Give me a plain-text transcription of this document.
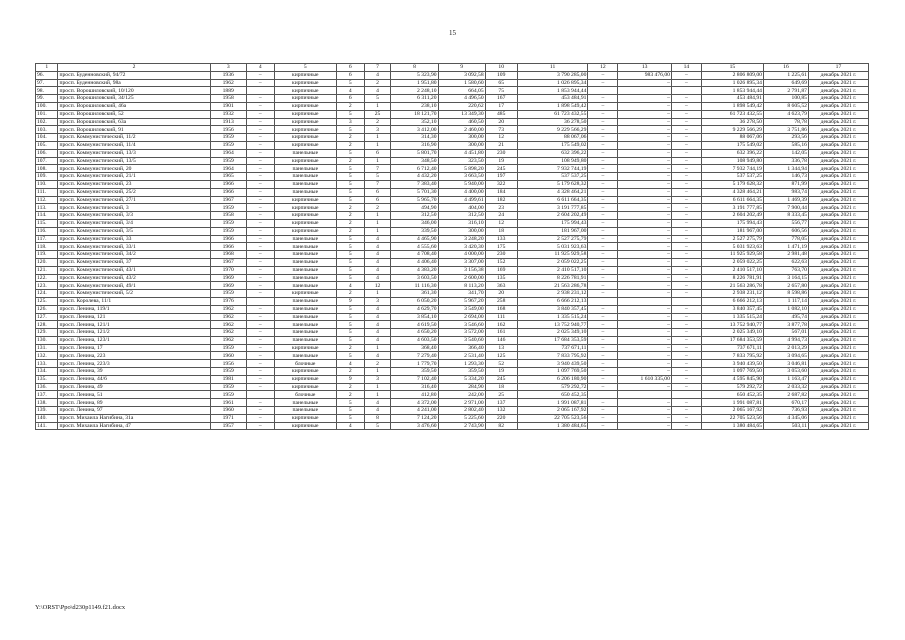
15
1	2	3	4	5	6	7	8	9	10	11	12	13	14	15	16	17
96.	просп. Буденновский, 94/72	1936	–	кирпичные	6	4	5 323,90	3 092,58	109	3 790 285,00	–	983 476,00	–	2 806 809,00	1 225,61	декабрь 2021 г.
97.	просп. Буденновский, 98а	1962	–	кирпичные	5	2	1 951,80	1 580,60	65	1 026 895,34	–	–	–	1 026 895,34	649,69	декабрь 2021 г.
98.	просп. Ворошиловский, 10/120	1889		кирпичные	4	4	2 248,10	664,05	75	1 853 944,44				1 853 944,44	2 791,87	декабрь 2021 г.
99.	просп. Ворошиловский, 34/125	1958	–	кирпичные	6	5	6 311,20	4 496,50	167	453 484,91	–	–	–	453 484,91	100,85	декабрь 2021 г.
100.	просп. Ворошиловский, 46а	1901	–	кирпичные	2	1	238,10	220,62	17	1 898 549,42	–	–	–	1 898 549,42	8 605,52	декабрь 2021 г.
101.	просп. Ворошиловский, 52	1932	–	кирпичные	5	25	18 121,70	13 349,30	485	61 723 432,55	–	–	–	61 723 432,55	4 623,79	декабрь 2021 г.
102.	просп. Ворошиловский, 63а	1913	–	кирпичные	3	2	352,10	460,50	20	36 278,50	–	–	–	36 278,50	78,78	декабрь 2021 г.
103.	просп. Ворошиловский, 91	1956	–	кирпичные	5	3	3 412,00	2 460,00	73	9 229 566,29	–	–	–	9 229 566,29	3 751,86	декабрь 2021 г.
104.	просп. Коммунистический, 11/2	1959	–	кирпичные	2	1	314,30	300,00	12	88 067,06	–	–	–	88 067,06	293,56	декабрь 2021 г.
105.	просп. Коммунистический, 11/4	1959	–	кирпичные	2	1	316,90	300,00	21	175 549,02	–	–	–	175 549,02	585,16	декабрь 2021 г.
106.	просп. Коммунистический, 13/3	1964	–	панельные	5	6	5 801,70	4 451,80	230	632 396,22	–	–	–	632 396,22	142,05	декабрь 2021 г.
107.	просп. Коммунистический, 13/5	1959	–	кирпичные	2	1	348,50	323,50	19	108 949,80	–	–	–	108 949,80	336,78	декабрь 2021 г.
108.	просп. Коммунистический, 20	1964	–	панельные	5	7	6 712,40	5 898,20	245	7 932 744,19	–	–	–	7 932 744,19	1 344,94	декабрь 2021 г.
109.	просп. Коммунистический, 21/1	1965	–	панельные	5	5	4 432,20	3 663,50	197	537 537,25	–	–	–	537 537,25	146,73	декабрь 2021 г.
110.	просп. Коммунистический, 23	1966	–	панельные	5	7	7 383,40	5 940,00	322	5 179 628,32	–	–	–	5 179 628,32	871,99	декабрь 2021 г.
111.	просп. Коммунистический, 25/2	1966	–	панельные	5	6	5 701,30	4 400,00	184	4 328 464,21	–	–	–	4 328 464,21	983,74	декабрь 2021 г.
112.	просп. Коммунистический, 27/1	1967	–	кирпичные	5	6	5 965,70	4 499,61	182	6 611 664,35	–	–	–	6 611 664,35	1 469,39	декабрь 2021 г.
113.	просп. Коммунистический, 3	1959	–	кирпичные	2	2	494,90	404,00	23	3 191 777,85	–	–	–	3 191 777,85	7 900,44	декабрь 2021 г.
114.	просп. Коммунистический, 3/3	1958	–	кирпичные	2	1	312,50	312,50	24	2 604 202,49	–	–	–	2 604 202,49	8 333,45	декабрь 2021 г.
115.	просп. Коммунистический, 3/4	1959	–	кирпичные	2	1	346,00	316,10	12	175 994,43	–	–	–	175 994,43	556,77	декабрь 2021 г.
116.	просп. Коммунистический, 3/5	1959	–	кирпичные	2	1	339,50	300,00	18	181 967,00	–	–	–	181 967,00	606,56	декабрь 2021 г.
117.	просп. Коммунистический, 33	1966	–	панельные	5	4	4 465,90	3 248,20	133	2 527 275,79	–	–	–	2 527 275,79	778,05	декабрь 2021 г.
118.	просп. Коммунистический, 33/1	1966	–	панельные	5	4	4 555,60	3 420,30	175	5 031 923,63	–	–	–	5 031 923,63	1 471,19	декабрь 2021 г.
119.	просп. Коммунистический, 34/2	1968	–	панельные	5	4	4 708,40	4 000,00	230	11 925 929,58	–	–	–	11 925 929,58	2 981,48	декабрь 2021 г.
120.	просп. Коммунистический, 37	1967	–	панельные	5	4	4 406,40	3 307,00	152	2 059 022,25	–	–	–	2 059 022,25	622,63	декабрь 2021 г.
121.	просп. Коммунистический, 43/1	1970	–	панельные	5	4	4 383,20	3 156,38	169	2 410 517,10	–	–	–	2 410 517,10	763,70	декабрь 2021 г.
122.	просп. Коммунистический, 43/2	1969	–	панельные	5	4	3 603,50	2 600,00	135	8 226 781,91	–	–	–	8 226 781,91	3 164,15	декабрь 2021 г.
123.	просп. Коммунистический, 49/1	1969	–	панельные	4	12	11 116,30	8 113,20	363	21 563 286,78	–	–	–	21 563 286,78	2 657,80	декабрь 2021 г.
124.	просп. Коммунистический, 5/2	1959	–	кирпичные	2	1	361,30	341,70	20	2 938 231,12	–	–	–	2 938 231,12	8 598,86	декабрь 2021 г.
125.	просп. Королева, 11/1	1976		панельные	9	3	6 050,20	5 967,20	258	6 666 212,13				6 666 212,13	1 117,14	декабрь 2021 г.
126.	просп. Ленина, 119/1	1962	–	панельные	5	4	4 629,70	3 549,00	168	3 840 357,45	–	–	–	3 840 357,45	1 082,10	декабрь 2021 г.
127.	просп. Ленина, 121	1962	–	панельные	5	4	3 854,10	2 694,00	111	1 335 515,24	–	–	–	1 335 515,24	495,74	декабрь 2021 г.
128.	просп. Ленина, 121/1	1962	–	панельные	5	4	4 619,50	3 546,60	162	13 752 940,77	–	–	–	13 752 940,77	3 877,78	декабрь 2021 г.
129.	просп. Ленина, 121/2	1962	–	панельные	5	4	4 650,20	3 572,00	161	2 025 349,10	–	–	–	2 025 349,10	567,01	декабрь 2021 г.
130.	просп. Ленина, 123/1	1962	–	панельные	5	4	4 603,50	3 540,60	146	17 684 353,59	–	–	–	17 684 353,59	4 994,73	декабрь 2021 г.
131.	просп. Ленина, 17	1959	–	кирпичные	2	1	368,40	366,40	13	737 671,11	–	–	–	737 671,11	2 013,29	декабрь 2021 г.
132.	просп. Ленина, 223	1960	–	панельные	5	4	7 279,40	2 531,40	125	7 833 795,92	–	–	–	7 833 795,92	3 094,65	декабрь 2021 г.
133.	просп. Ленина, 223/3	1956	–	блочные	4	2	1 779,70	1 293,30	52	3 940 439,50	–	–	–	3 940 439,50	3 046,81	декабрь 2021 г.
134.	просп. Ленина, 39	1959	–	кирпичные	2	1	359,50	359,50	19	1 097 769,50	–	–	–	1 097 769,50	3 053,60	декабрь 2021 г.
135.	просп. Ленина, 44/6	1981	–	кирпичные	9	3	7 102,40	5 334,20	245	6 206 180,90	–	1 610 335,00	–	4 595 845,90	1 163,47	декабрь 2021 г.
136.	просп. Ленина, 49	1959	–	кирпичные	2	1	316,40	284,90	18	579 292,72	–	–	–	579 292,72	2 033,32	декабрь 2021 г.
137.	просп. Ленина, 51	1959		блочные	2	1	412,80	242,00	25	650 452,35				650 452,35	2 687,82	декабрь 2021 г.
138.	просп. Ленина, 89	1961	–	панельные	5	4	4 372,00	2 971,00	137	1 991 087,81	–	–	–	1 991 087,81	670,17	декабрь 2021 г.
139.	просп. Ленина, 97	1960	–	панельные	5	4	4 241,00	2 802,40	132	2 065 167,92	–	–	–	2 065 167,92	736,93	декабрь 2021 г.
140.	просп. Михаила Нагибина, 31а	1971	–	кирпичные	5	8	7 124,20	5 225,60	220	22 705 523,56	–	–	–	22 705 523,56	4 345,06	декабрь 2021 г.
141.	просп. Михаила Нагибина, 47	1957	–	кирпичные	4	5	3 476,60	2 743,90	82	1 380 484,65	–	–	–	1 380 484,65	503,11	декабрь 2021 г.
Y:\ORST\Ppo\d230p1149.f21.docx
